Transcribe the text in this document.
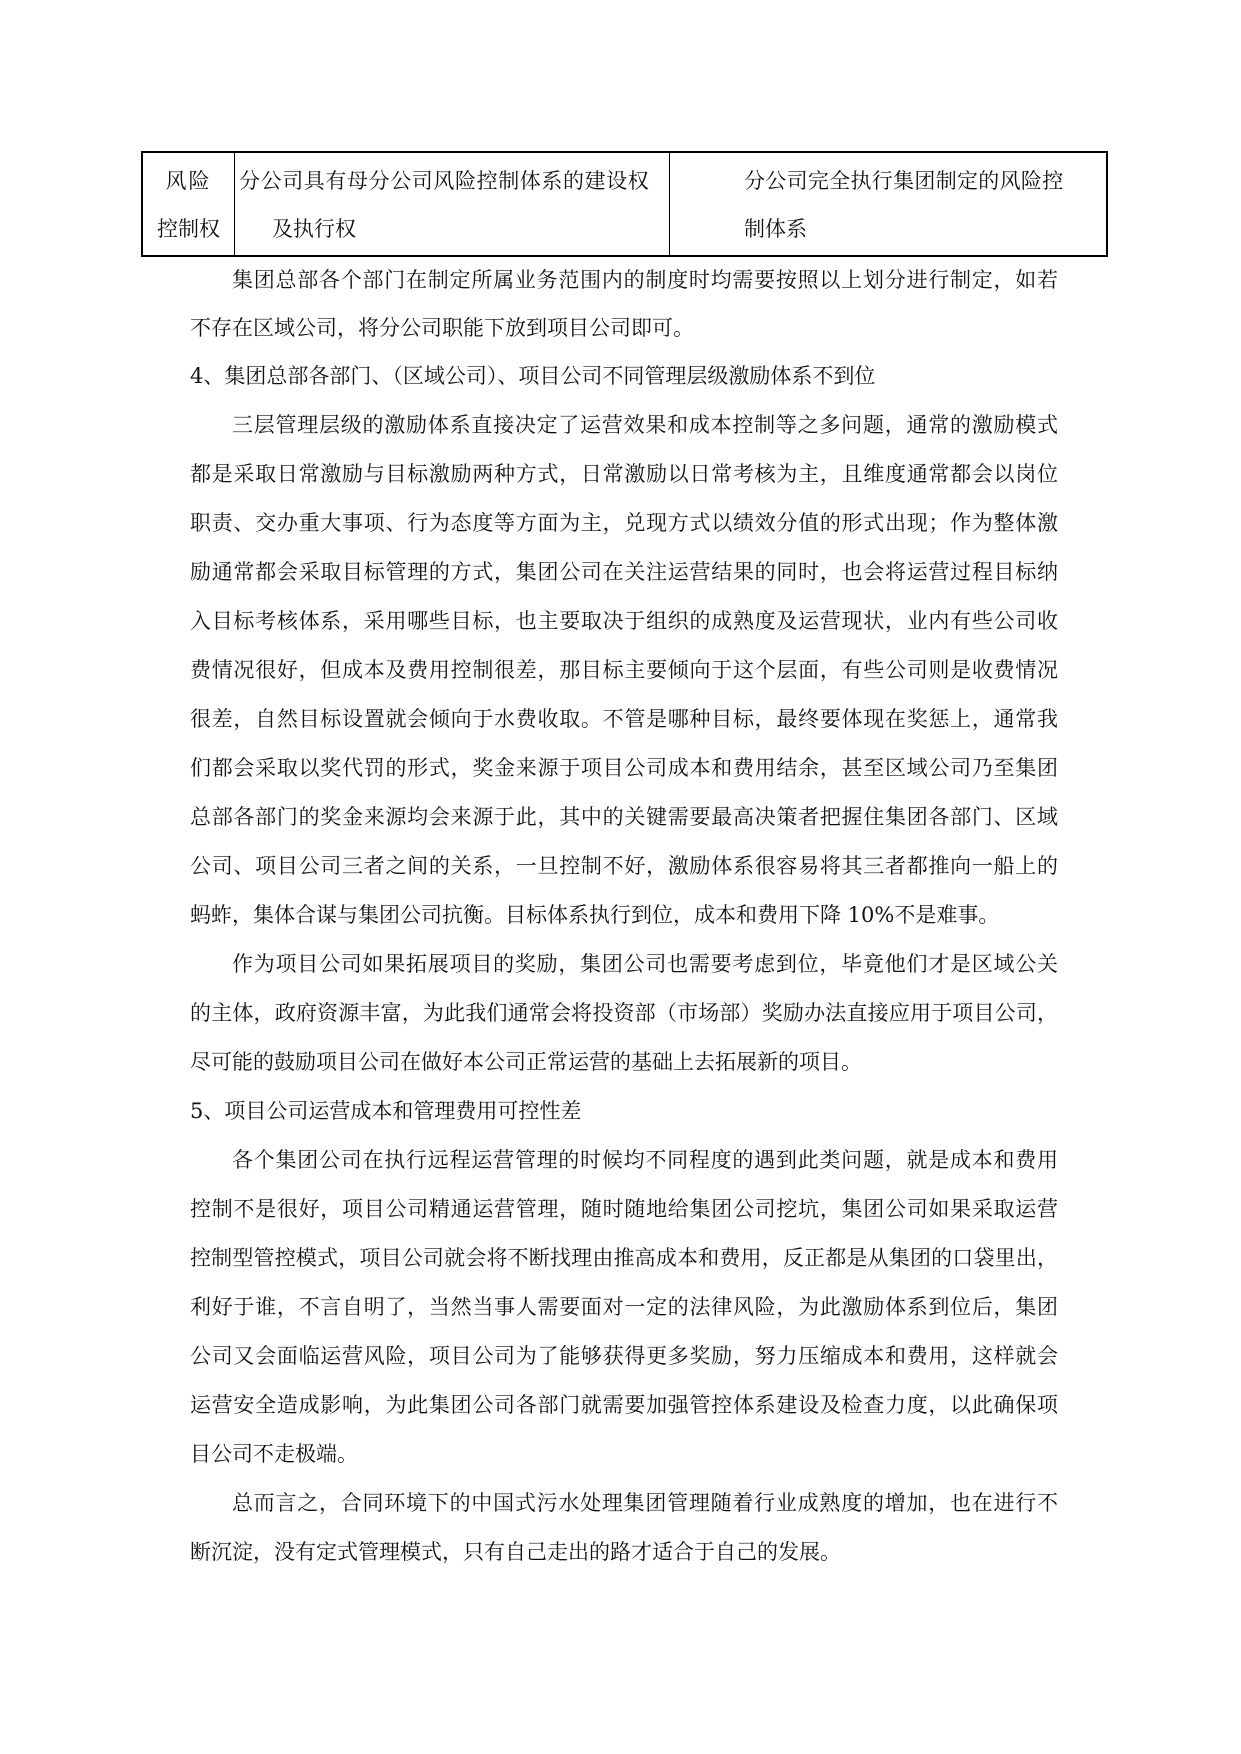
风险
控制权
分公司具有母分公司风险控制体系的建设权
及执行权
分公司完全执行集团制定的风险控
制体系
集团总部各个部门在制定所属业务范围内的制度时均需要按照以上划分进行制定，如若
不存在区域公司，将分公司职能下放到项目公司即可。
4、集团总部各部门、（区域公司）、项目公司不同管理层级激励体系不到位
三层管理层级的激励体系直接决定了运营效果和成本控制等之多问题，通常的激励模式
都是采取日常激励与目标激励两种方式，日常激励以日常考核为主，且维度通常都会以岗位
职责、交办重大事项、行为态度等方面为主，兑现方式以绩效分值的形式出现；作为整体激
励通常都会采取目标管理的方式，集团公司在关注运营结果的同时，也会将运营过程目标纳
入目标考核体系，采用哪些目标，也主要取决于组织的成熟度及运营现状，业内有些公司收
费情况很好，但成本及费用控制很差，那目标主要倾向于这个层面，有些公司则是收费情况
很差，自然目标设置就会倾向于水费收取。不管是哪种目标，最终要体现在奖惩上，通常我
们都会采取以奖代罚的形式，奖金来源于项目公司成本和费用结余，甚至区域公司乃至集团
总部各部门的奖金来源均会来源于此，其中的关键需要最高决策者把握住集团各部门、区域
公司、项目公司三者之间的关系，一旦控制不好，激励体系很容易将其三者都推向一船上的
蚂蚱，集体合谋与集团公司抗衡。目标体系执行到位，成本和费用下降 10%不是难事。
作为项目公司如果拓展项目的奖励，集团公司也需要考虑到位，毕竟他们才是区域公关
的主体，政府资源丰富，为此我们通常会将投资部（市场部）奖励办法直接应用于项目公司，
尽可能的鼓励项目公司在做好本公司正常运营的基础上去拓展新的项目。
5、项目公司运营成本和管理费用可控性差
各个集团公司在执行远程运营管理的时候均不同程度的遇到此类问题，就是成本和费用
控制不是很好，项目公司精通运营管理，随时随地给集团公司挖坑，集团公司如果采取运营
控制型管控模式，项目公司就会将不断找理由推高成本和费用，反正都是从集团的口袋里出，
利好于谁，不言自明了，当然当事人需要面对一定的法律风险，为此激励体系到位后，集团
公司又会面临运营风险，项目公司为了能够获得更多奖励，努力压缩成本和费用，这样就会
运营安全造成影响，为此集团公司各部门就需要加强管控体系建设及检查力度，以此确保项
目公司不走极端。
总而言之，合同环境下的中国式污水处理集团管理随着行业成熟度的增加，也在进行不
断沉淀，没有定式管理模式，只有自己走出的路才适合于自己的发展。
